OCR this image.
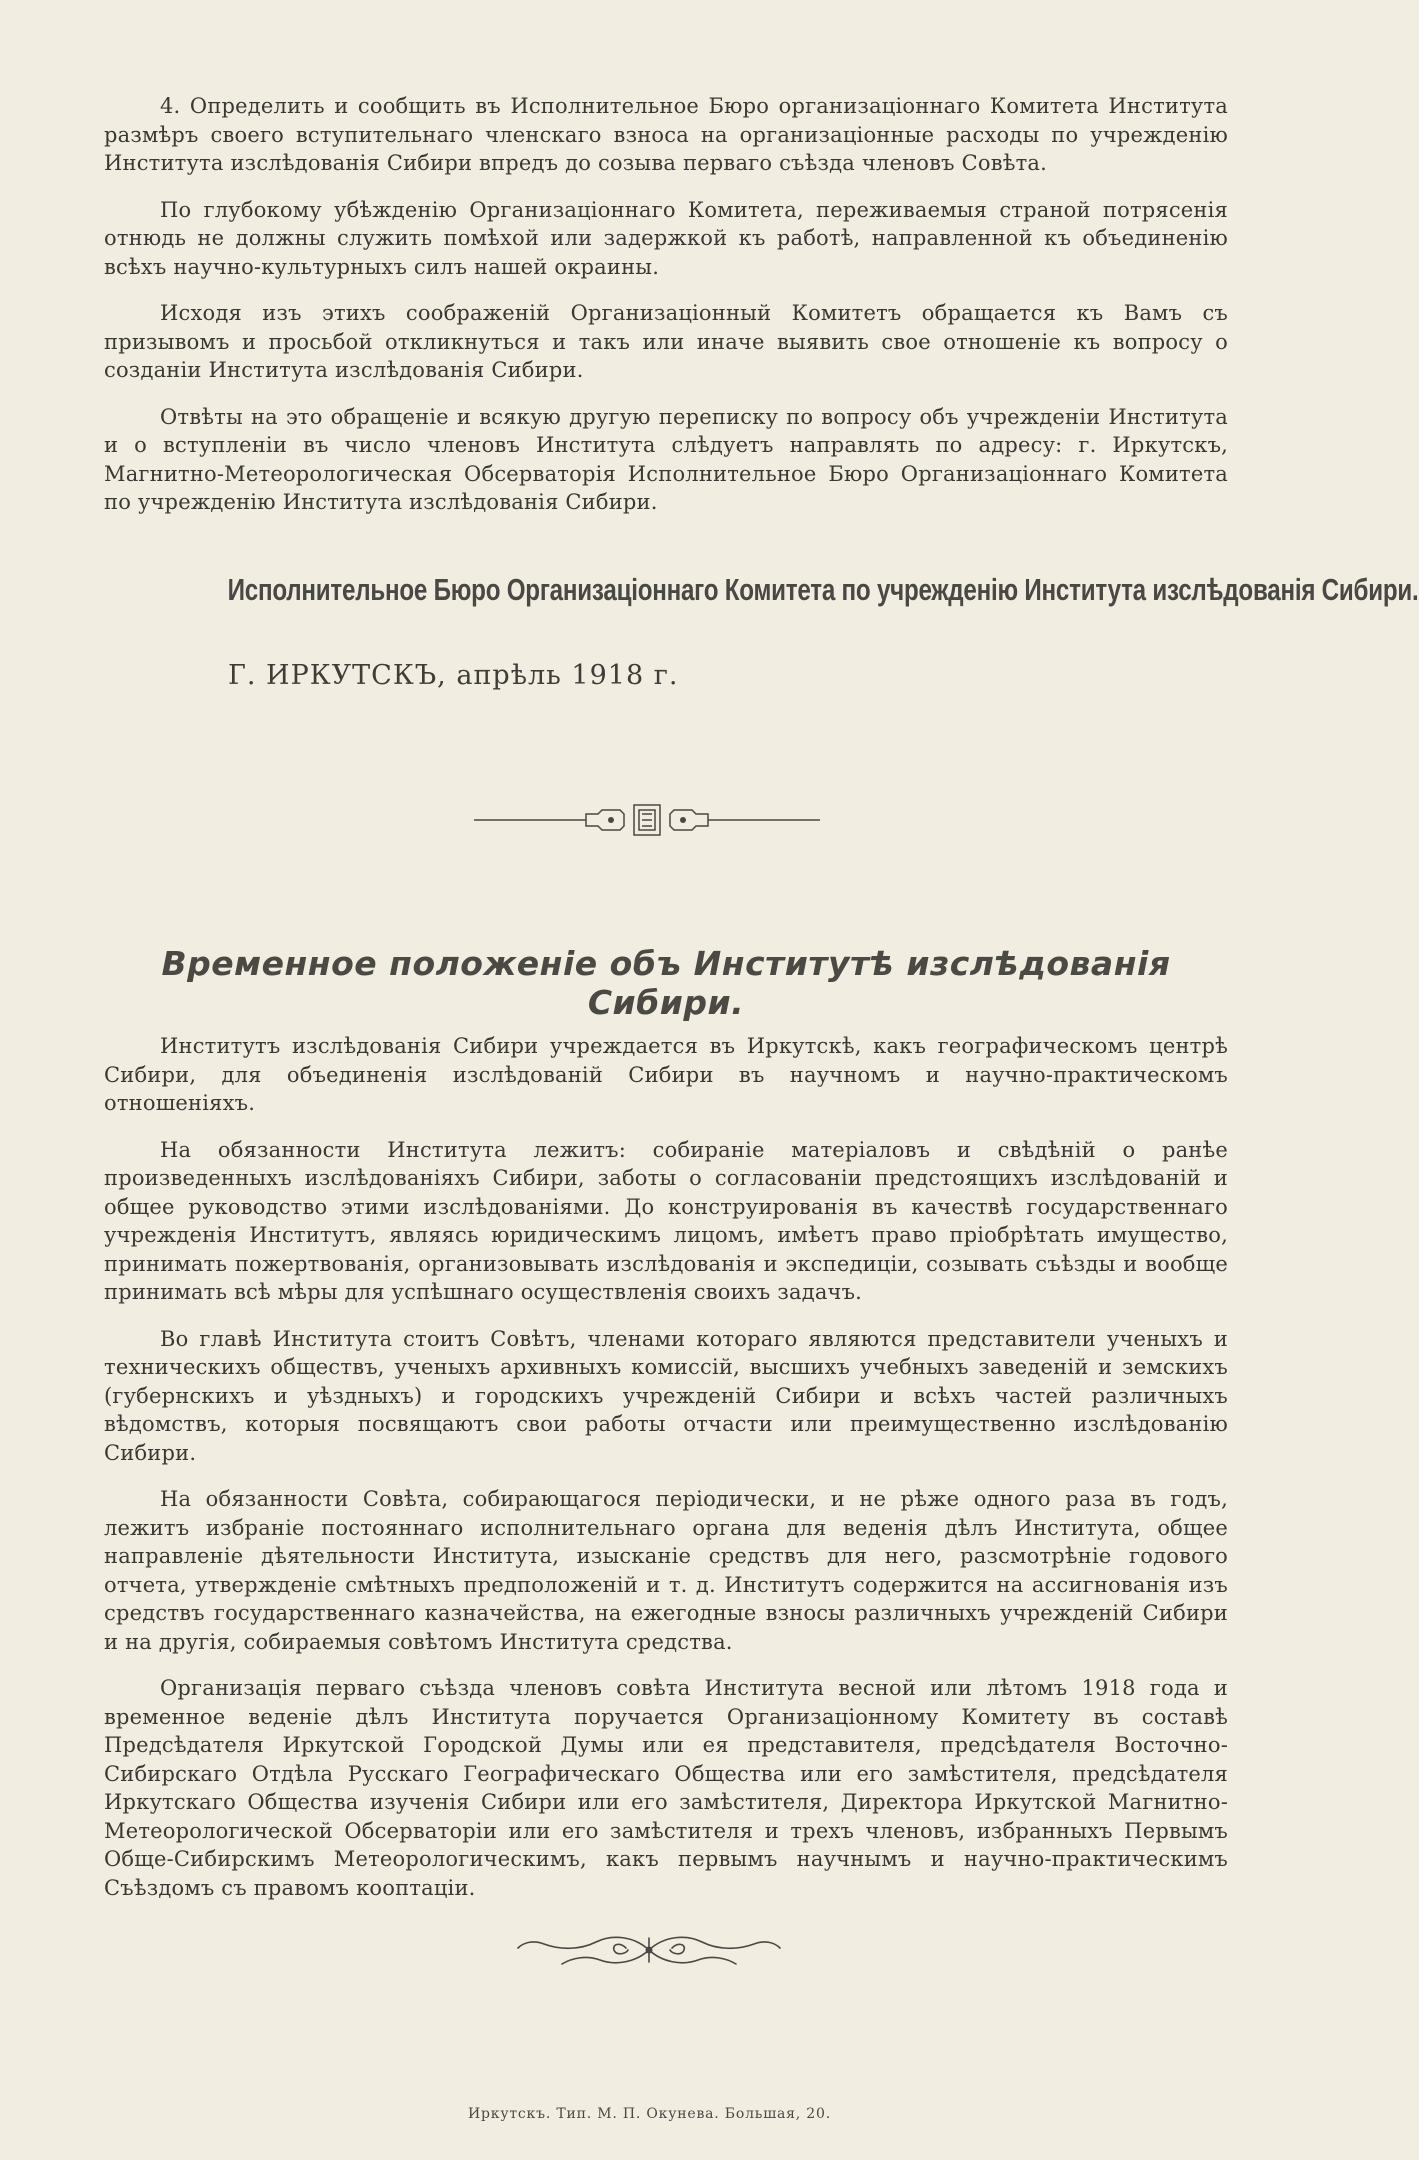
4. Определить и сообщить въ Исполнительное Бюро организаціоннаго Комитета Института размѣръ своего вступительнаго членскаго взноса на организаціонные расходы по учрежденію Института изслѣдованія Сибири впредъ до созыва перваго съѣзда членовъ Совѣта.

По глубокому убѣжденію Организаціоннаго Комитета, переживаемыя страной потрясенія отнюдь не должны служить помѣхой или задержкой къ работѣ, направленной къ объединенію всѣхъ научно-культурныхъ силъ нашей окраины.

Исходя изъ этихъ соображеній Организаціонный Комитетъ обращается къ Вамъ съ призывомъ и просьбой откликнуться и такъ или иначе выявить свое отношеніе къ вопросу о созданіи Института изслѣдованія Сибири.

Отвѣты на это обращеніе и всякую другую переписку по вопросу объ учрежденіи Института и о вступленіи въ число членовъ Института слѣдуетъ направлять по адресу: г. Иркутскъ, Магнитно-Метеорологическая Обсерваторія Исполнительное Бюро Организаціоннаго Комитета по учрежденію Института изслѣдованія Сибири.

Исполнительное Бюро Организаціоннаго Комитета по учрежденію Института изслѣдованія Сибири.
Г. ИРКУТСКЪ, апрѣль 1918 г.
Временное положеніе объ Институтѣ изслѣдованія Сибири.

Институтъ изслѣдованія Сибири учреждается въ Иркутскѣ, какъ географическомъ центрѣ Сибири, для объединенія изслѣдованій Сибири въ научномъ и научно-практическомъ отношеніяхъ.

На обязанности Института лежитъ: собираніе матеріаловъ и свѣдѣній о ранѣе произведенныхъ изслѣдованіяхъ Сибири, заботы о согласованіи предстоящихъ изслѣдованій и общее руководство этими изслѣдованіями. До конструированія въ качествѣ государственнаго учрежденія Институтъ, являясь юридическимъ лицомъ, имѣетъ право пріобрѣтать имущество, принимать пожертвованія, организовывать изслѣдованія и экспедиціи, созывать съѣзды и вообще принимать всѣ мѣры для успѣшнаго осуществленія своихъ задачъ.

Во главѣ Института стоитъ Совѣтъ, членами котораго являются представители ученыхъ и техническихъ обществъ, ученыхъ архивныхъ комиссій, высшихъ учебныхъ заведеній и земскихъ (губернскихъ и уѣздныхъ) и городскихъ учрежденій Сибири и всѣхъ частей различныхъ вѣдомствъ, которыя посвящаютъ свои работы отчасти или преимущественно изслѣдованію Сибири.

На обязанности Совѣта, собирающагося періодически, и не рѣже одного раза въ годъ, лежитъ избраніе постояннаго исполнительнаго органа для веденія дѣлъ Института, общее направленіе дѣятельности Института, изысканіе средствъ для него, разсмотрѣніе годового отчета, утвержденіе смѣтныхъ предположеній и т. д. Институтъ содержится на ассигнованія изъ средствъ государственнаго казначейства, на ежегодные взносы различныхъ учрежденій Сибири и на другія, собираемыя совѣтомъ Института средства.

Организація перваго съѣзда членовъ совѣта Института весной или лѣтомъ 1918 года и временное веденіе дѣлъ Института поручается Организаціонному Комитету въ составѣ Предсѣдателя Иркутской Городской Думы или ея представителя, предсѣдателя Восточно-Сибирскаго Отдѣла Русскаго Географическаго Общества или его замѣстителя, предсѣдателя Иркутскаго Общества изученія Сибири или его замѣстителя, Директора Иркутской Магнитно-Метеорологической Обсерваторіи или его замѣстителя и трехъ членовъ, избранныхъ Первымъ Обще-Сибирскимъ Метеорологическимъ, какъ первымъ научнымъ и научно-практическимъ Съѣздомъ съ правомъ кооптаціи.

Иркутскъ. Тип. М. П. Окунева. Большая, 20.
